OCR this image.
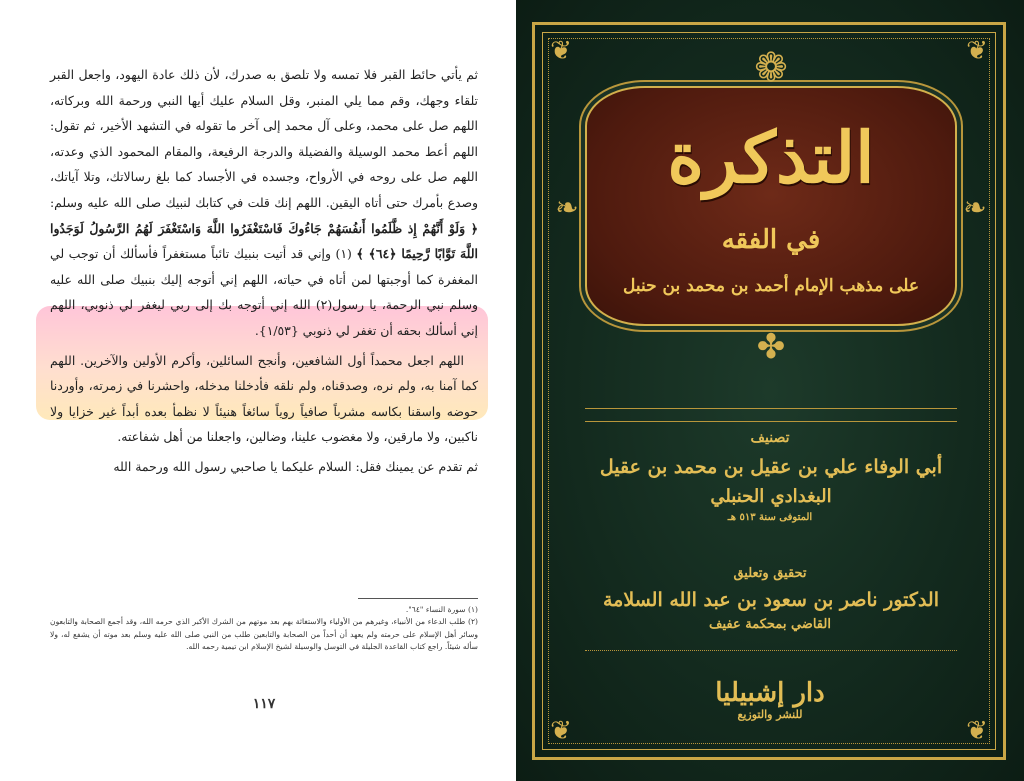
ثم يأتي حائط القبر فلا تمسه ولا تلصق به صدرك، لأن ذلك عادة اليهود، واجعل القبر تلقاء وجهك، وقم مما يلي المنبر، وقل السلام عليك أيها النبي ورحمة الله وبركاته، اللهم صل على محمد، وعلى آل محمد إلى آخر ما تقوله في التشهد الأخير، ثم تقول: اللهم أعط محمد الوسيلة والفضيلة والدرجة الرفيعة، والمقام المحمود الذي وعدته، اللهم صل على روحه في الأرواح، وجسده في الأجساد كما بلغ رسالاتك، وتلا آياتك، وصدع بأمرك حتى أتاه اليقين. اللهم إنك قلت في كتابك لنبيك صلى الله عليه وسلم: ﴿ وَلَوْ أَنَّهُمْ إِذ ظَّلَمُوا أَنفُسَهُمْ جَاءُوكَ فَاسْتَغْفَرُوا اللَّهَ وَاسْتَغْفَرَ لَهُمُ الرَّسُولُ لَوَجَدُوا اللَّهَ تَوَّابًا رَّحِيمًا ﴿٦٤﴾ ﴾ (١) وإني قد أتيت بنبيك تائباً مستغفراً فأسألك أن توجب لي المغفرة كما أوجبتها لمن أتاه في حياته، اللهم إني أتوجه إليك بنبيك صلى الله عليه وسلم نبي الرحمة، يا رسول(٢) الله إني أتوجه بك إلى ربي ليغفر لي ذنوبي، اللهم إني أسألك بحقه أن تغفر لي ذنوبي {١/٥٣}.

اللهم اجعل محمداً أول الشافعين، وأنجح السائلين، وأكرم الأولين والآخرين. اللهم كما آمنا به، ولم نره، وصدقناه، ولم نلقه فأدخلنا مدخله، واحشرنا في زمرته، وأوردنا حوضه واسقنا بكاسه مشرباً صافياً روياً سائغاً هنيئاً لا نظمأ بعده أبداً غير خزايا ولا ناكبين، ولا مارقين، ولا مغضوب علينا، وضالين، واجعلنا من أهل شفاعته.

ثم تقدم عن يمينك فقل: السلام عليكما يا صاحبي رسول الله ورحمة الله

(١) سورة النساء "٦٤".

(٢) طلب الدعاء من الأنبياء، وغيرهم من الأولياء والاستغاثة بهم بعد موتهم من الشرك الأكبر الذي حرمه الله، وقد أجمع الصحابة والتابعون وسائر أهل الإسلام على حرمته ولم يعهد أن أحداً من الصحابة والتابعين طلب من النبي صلى الله عليه وسلم بعد موته أن يشفع له، ولا سأله شيئاً. راجع كتاب القاعدة الجليلة في التوسل والوسيلة لشيخ الإسلام ابن تيمية رحمه الله.

١١٧
❦	❦
❦	❦
❁
✤
❧	❧
التذكرة
في الفقه
على مذهب الإمام أحمد بن محمد بن حنبل
تصنيف
أبي الوفاء علي بن عقيل بن محمد بن عقيل
البغدادي الحنبلي
المتوفى سنة ٥١٣ هـ
تحقيق وتعليق
الدكتور ناصر بن سعود بن عبد الله السلامة
القاضي بمحكمة عفيف
دار إشبيليا
للنشر والتوزيع
